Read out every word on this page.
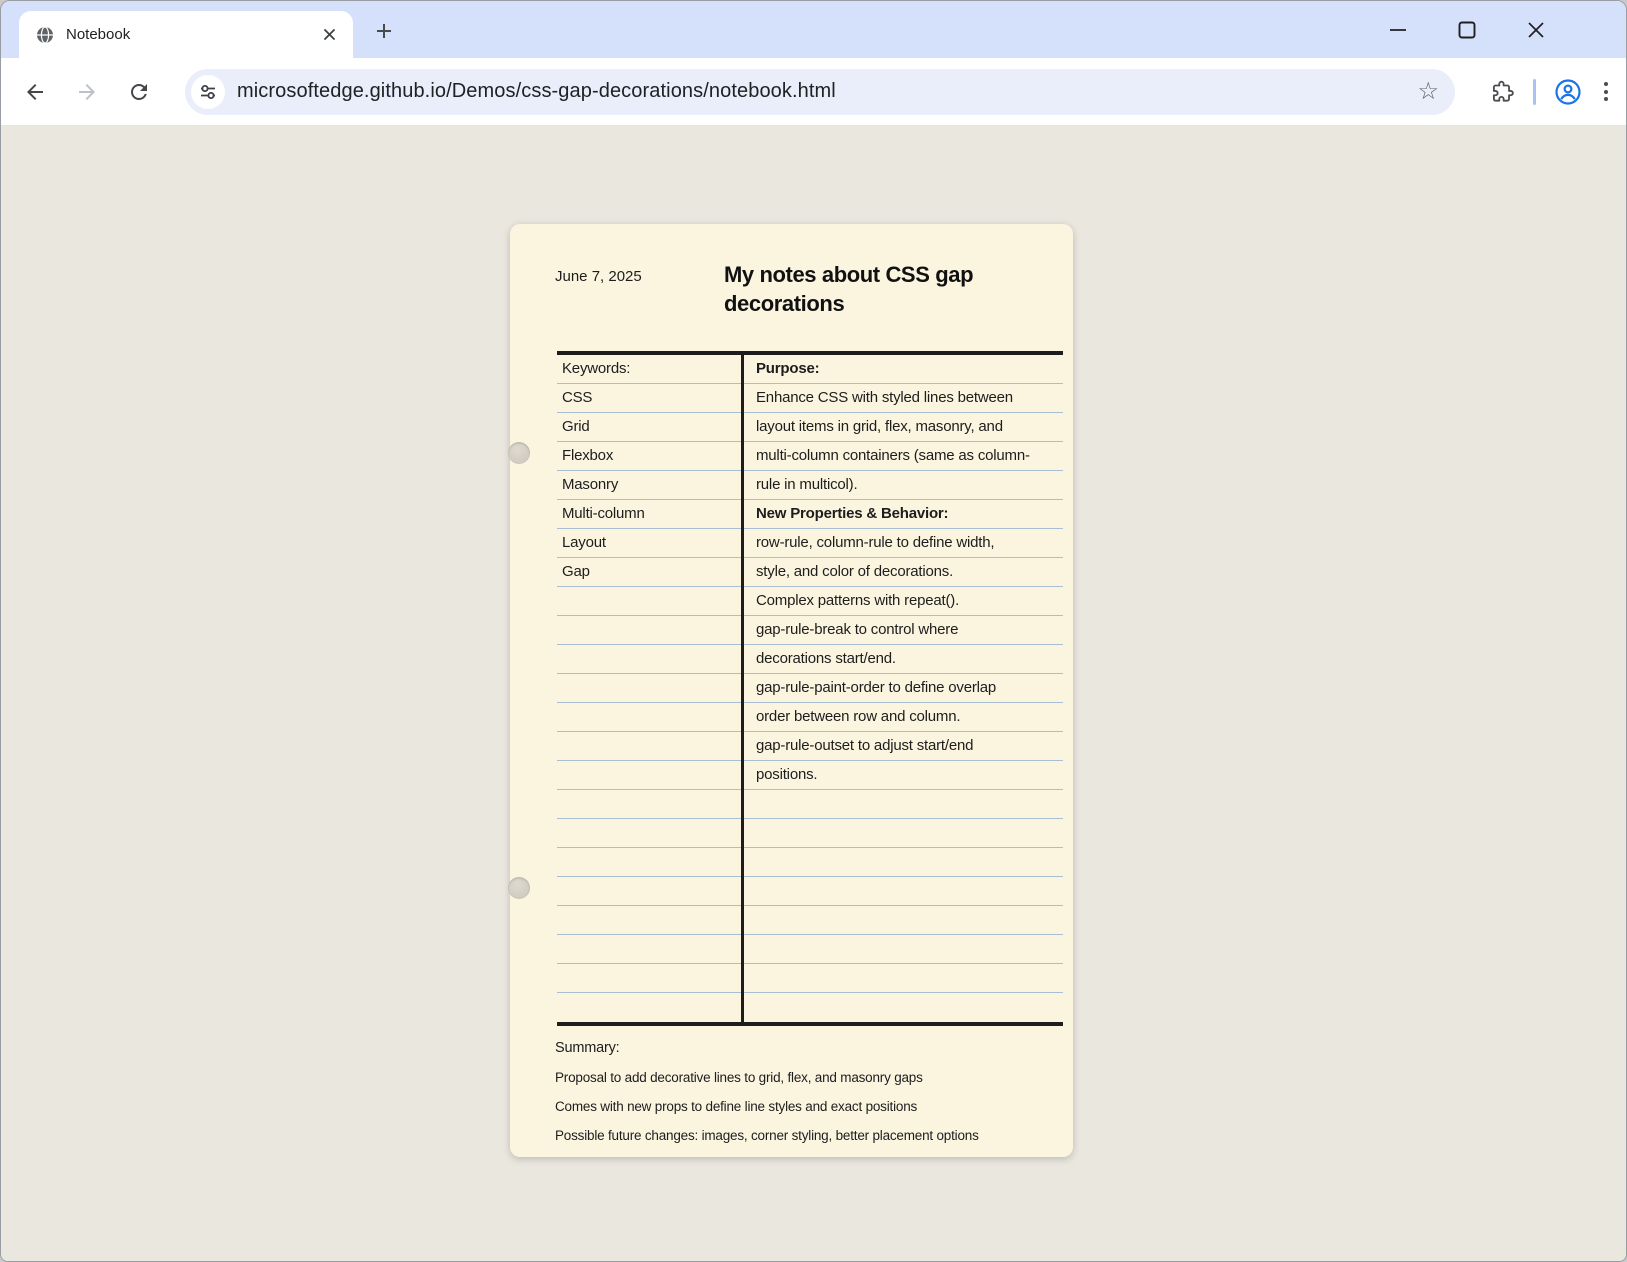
Notebook
microsoftedge.github.io/Demos/css-gap-decorations/notebook.html	☆
June 7, 2025	My notes about CSS gap
decorations
Keywords:
CSS
Grid
Flexbox
Masonry
Multi-column
Layout
Gap
Purpose:
Enhance CSS with styled lines between
layout items in grid, flex, masonry, and
multi-column containers (same as column-
rule in multicol).
New Properties & Behavior:
row-rule, column-rule to define width,
style, and color of decorations.
Complex patterns with repeat().
gap-rule-break to control where
decorations start/end.
gap-rule-paint-order to define overlap
order between row and column.
gap-rule-outset to adjust start/end
positions.
Summary:
Proposal to add decorative lines to grid, flex, and masonry gaps
Comes with new props to define line styles and exact positions
Possible future changes: images, corner styling, better placement options
